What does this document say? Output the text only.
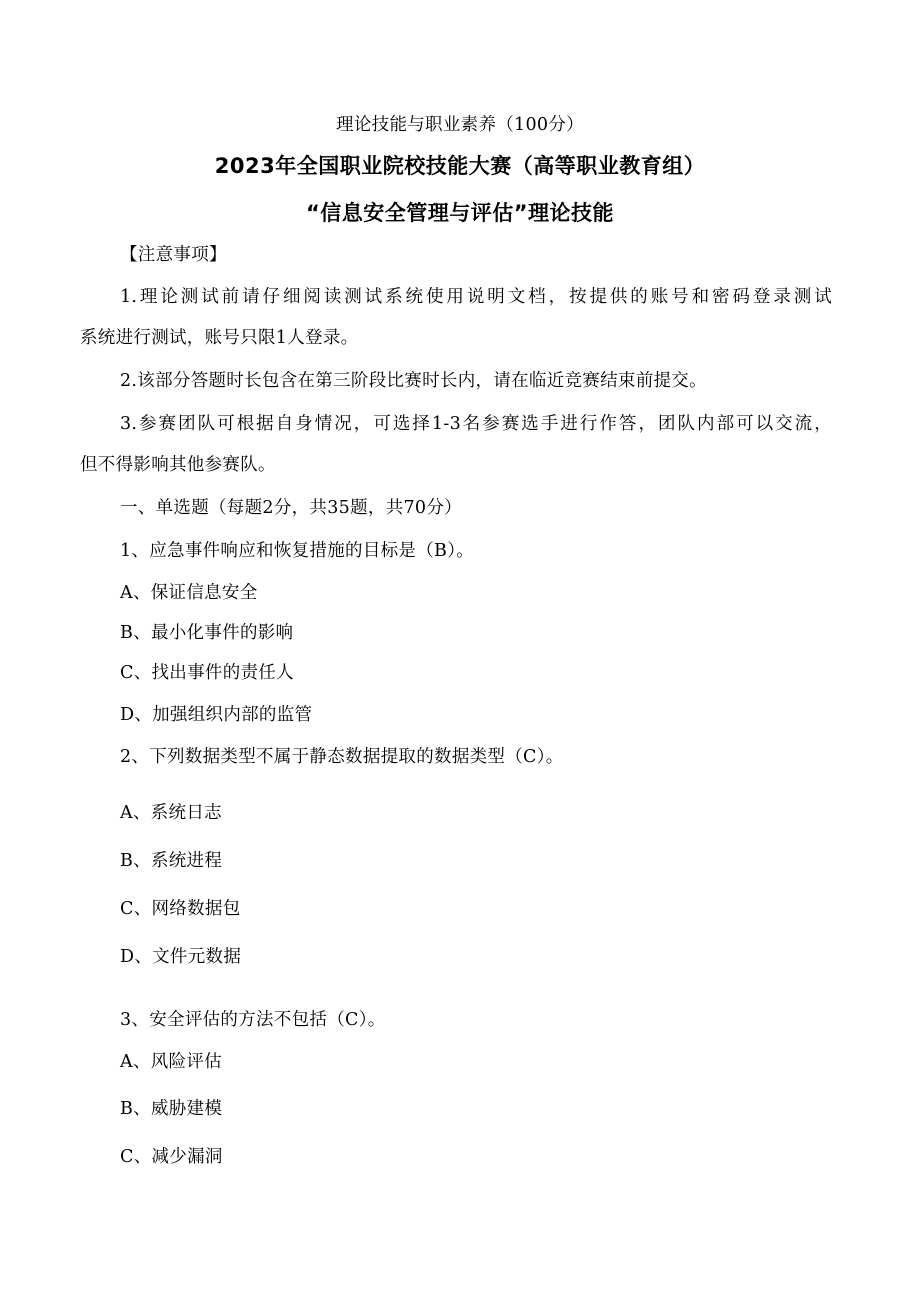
理论技能与职业素养（100分）
2023年全国职业院校技能大赛（高等职业教育组）
“信息安全管理与评估”理论技能
【注意事项】
1.理论测试前请仔细阅读测试系统使用说明文档，按提供的账号和密码登录测试
系统进行测试，账号只限1人登录。
2.该部分答题时长包含在第三阶段比赛时长内，请在临近竞赛结束前提交。
3.参赛团队可根据自身情况，可选择1-3名参赛选手进行作答，团队内部可以交流，
但不得影响其他参赛队。
一、单选题（每题2分，共35题，共70分）
1、应急事件响应和恢复措施的目标是（B）。
A、保证信息安全
B、最小化事件的影响
C、找出事件的责任人
D、加强组织内部的监管
2、下列数据类型不属于静态数据提取的数据类型（C）。
A、系统日志
B、系统进程
C、网络数据包
D、文件元数据
3、安全评估的方法不包括（C）。
A、风险评估
B、威胁建模
C、减少漏洞
